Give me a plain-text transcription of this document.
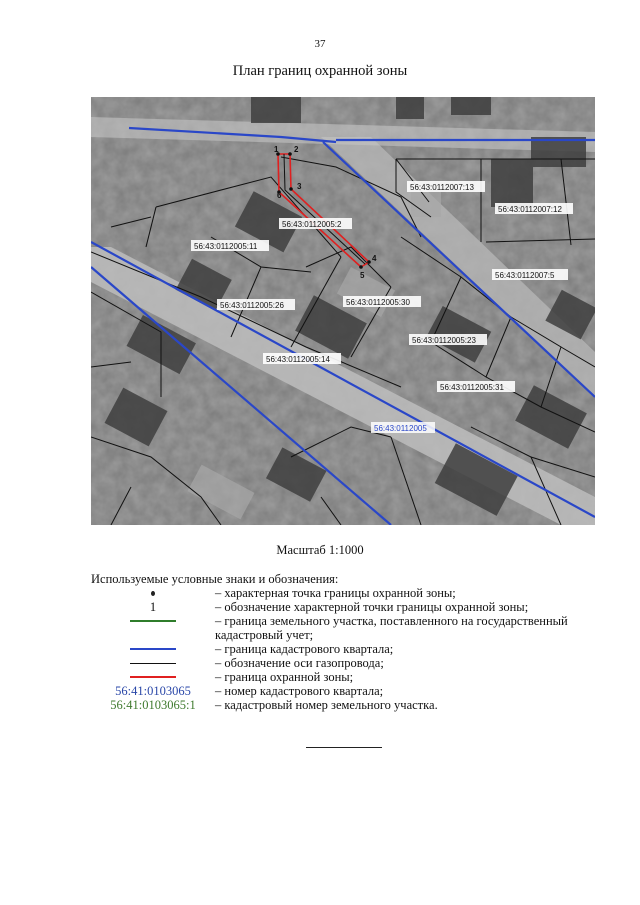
37
План границ охранной зоны
1 2
3
4
5
6
56:43:0112007:13
56:43:0112007:12
56:43:0112005:2
56:43:0112005:11
56:43:0112007:5
56:43:0112005:26	56:43:0112005:30
56:43:0112005:23
56:43:0112005:14
56:43:0112005:31
56:43:0112005
Масштаб 1:1000
Используемые условные знаки и обозначения:
– характерная точка границы охранной зоны;
1	– обозначение характерной точки границы охранной зоны;
– граница земельного участка, поставленного на государственный
кадастровый учет;
– граница кадастрового квартала;
– обозначение оси газопровода;
– граница охранной зоны;
56:41:0103065	– номер кадастрового квартала;
56:41:0103065:1	– кадастровый номер земельного участка.
